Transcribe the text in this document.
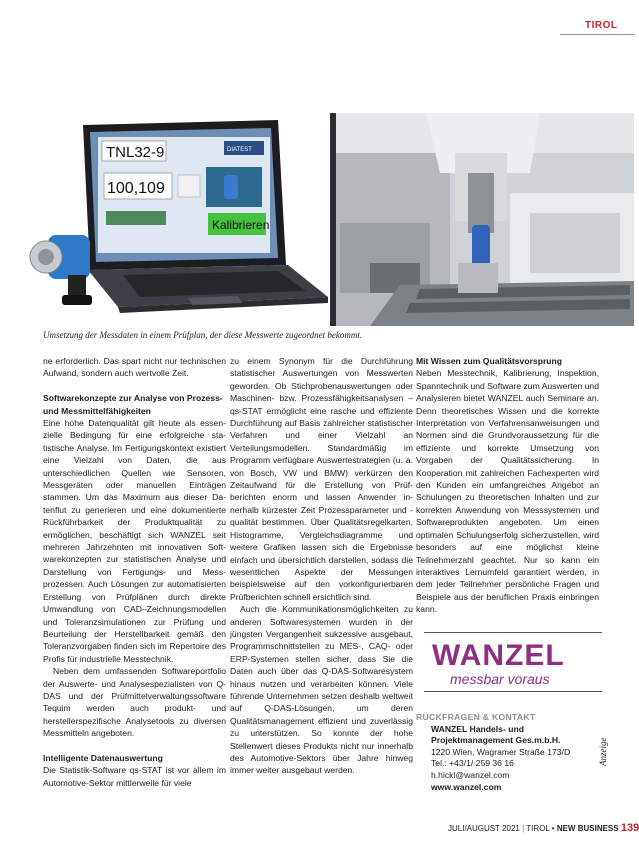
TIROL
TNL32-9	DIATEST
100,109
Kalibrieren
Umsetzung der Messdaten in einem Prüfplan, der diese Messwerte zugeordnet bekommt.

ne erforderlich. Das spart nicht nur technischen Aufwand, sondern auch wertvolle Zeit.

Softwarekonzepte zur Analyse von Prozess- und Messmittelfähigkeiten

Eine hohe Datenqualität gilt heute als essenzielle Bedingung für eine erfolgreiche statistische Analyse. Im Fertigungskontext existiert eine Vielzahl von Daten, die aus unterschiedlichen Quellen wie Sensoren, Messgeräten oder manuellen Einträgen stammen. Um das Maximum aus dieser Datenflut zu generieren und eine dokumentierte Rückführbarkeit der Produktqualität zu ermöglichen, beschäftigt sich WANZEL seit mehreren Jahrzehnten mit innovativen Softwarekonzepten zur statistischen Analyse und Darstellung von Fertigungs- und Messprozessen. Auch Lösungen zur automatisierten Erstellung von Prüfplänen durch direkte Umwandlung von CAD–Zeichnungsmodellen und Toleranzsimulationen zur Prüfung und Beurteilung der Herstellbarkeit gemäß den Toleranzvorgaben finden sich im Repertoire des Profis für industrielle Messtechnik.

Neben dem umfassenden Softwareportfolio der Auswerte- und Analysespezialisten von Q-DAS und der Prüfmittelverwaltungssoftware Tequim werden auch produkt- und herstellerspezifische Analysetools zu diversen Messmitteln angeboten.

Intelligente Datenauswertung

Die Statistik-Software qs-STAT ist vor allem im Automotive-Sektor mittlerweile für viele

zu einem Synonym für die Durchführung statistischer Auswertungen von Messwerten geworden. Ob Stichprobenauswertungen oder Maschinen- bzw. Prozessfähigkeitsanalysen – qs-STAT ermöglicht eine rasche und effiziente Durchführung auf Basis zahlreicher statistischer Verfahren und einer Vielzahl an Verteilungsmodellen. Standardmäßig im Programm verfügbare Auswertestrategien (u. a. von Bosch, VW und BMW) verkürzen den Zeitaufwand für die Erstellung von Prüfberichten enorm und lassen Anwender innerhalb kürzester Zeit Prozessparameter und -qualität bestimmen. Über Qualitätsregelkarten, Histogramme, Vergleichsdiagramme und weitere Grafiken lassen sich die Ergebnisse einfach und übersichtlich darstellen, sodass die wesentlichen Aspekte der Messungen beispielsweise auf den vorkonfigurierbaren Prüfberichten schnell ersichtlich sind.

Auch die Kommunikationsmöglichkeiten zu anderen Softwaresystemen wurden in der jüngsten Vergangenheit sukzessive ausgebaut, Programmschnittstellen zu MES-, CAQ- oder ERP-Systemen stellen sicher, dass Sie die Daten auch über das Q-DAS-Softwaresystem hinaus nutzen und verarbeiten können. Viele führende Unternehmen setzen deshalb weltweit auf Q-DAS-Lösungen, um deren Qualitätsmanagement effizient und zuverlässig zu unterstützen. So konnte der hohe Stellenwert dieses Produkts nicht nur innerhalb des Automotive-Sektors über Jahre hinweg immer weiter ausgebaut werden.

Mit Wissen zum Qualitätsvorsprung

Neben Messtechnik, Kalibrierung, Inspektion, Spanntechnik und Software zum Auswerten und Analysieren bietet WANZEL auch Seminare an. Denn theoretisches Wissen und die korrekte Interpretation von Verfahrensanweisungen und Normen sind die Grundvoraussetzung für die effiziente und korrekte Umsetzung von Vorgaben der Qualitätssicherung. In Kooperation mit zahlreichen Fachexperten wird den Kunden ein umfangreiches Angebot an Schulungen zu theoretischen Inhalten und zur korrekten Anwendung von Messsystemen und Softwareprodukten angeboten. Um einen optimalen Schulungserfolg sicherzustellen, wird besonders auf eine möglichst kleine Teilnehmerzahl geachtet. Nur so kann ein interaktives Lernumfeld garantiert werden, in dem jeder Teilnehmer persönliche Fragen und Beispiele aus der beruflichen Praxis einbringen kann.

WANZEL
messbar voraus
RÜCKFRAGEN & KONTAKT
WANZEL Handels- und
Projektmanagement Ges.m.b.H.
1220 Wien, Wagramer Straße 173/D
Tel.: +43/1/ 259 36 16
h.hickl@wanzel.com
www.wanzel.com
Anzeige
JULI/AUGUST 2021 | TIROL • NEW BUSINESS 139
